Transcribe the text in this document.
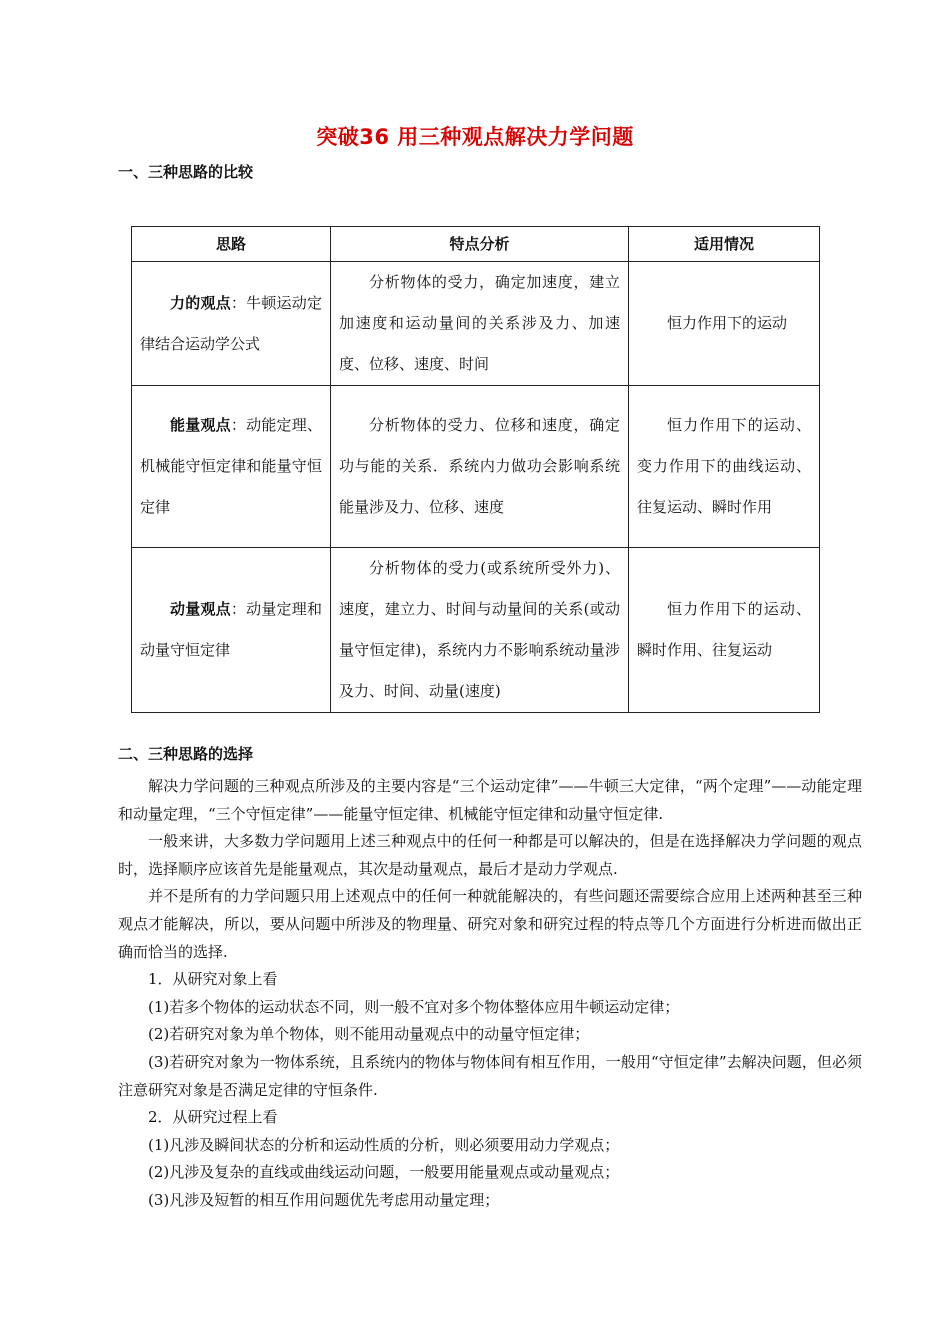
突破36 用三种观点解决力学问题
一、三种思路的比较
思路	特点分析	适用情况

力的观点：牛顿运动定律结合运动学公式	分析物体的受力，确定加速度，建立加速度和运动量间的关系涉及力、加速度、位移、速度、时间	恒力作用下的运动

能量观点：动能定理、机械能守恒定律和能量守恒定律	分析物体的受力、位移和速度，确定功与能的关系．系统内力做功会影响系统能量涉及力、位移、速度	恒力作用下的运动、变力作用下的曲线运动、往复运动、瞬时作用

动量观点：动量定理和动量守恒定律	分析物体的受力(或系统所受外力)、速度，建立力、时间与动量间的关系(或动量守恒定律)，系统内力不影响系统动量涉及力、时间、动量(速度)	恒力作用下的运动、瞬时作用、往复运动
二、三种思路的选择

解决力学问题的三种观点所涉及的主要内容是“三个运动定律”——牛顿三大定律，“两个定理”——动能定理和动量定理，“三个守恒定律”——能量守恒定律、机械能守恒定律和动量守恒定律.

一般来讲，大多数力学问题用上述三种观点中的任何一种都是可以解决的，但是在选择解决力学问题的观点时，选择顺序应该首先是能量观点，其次是动量观点，最后才是动力学观点.

并不是所有的力学问题只用上述观点中的任何一种就能解决的，有些问题还需要综合应用上述两种甚至三种观点才能解决，所以，要从问题中所涉及的物理量、研究对象和研究过程的特点等几个方面进行分析进而做出正确而恰当的选择.

1．从研究对象上看

(1)若多个物体的运动状态不同，则一般不宜对多个物体整体应用牛顿运动定律；

(2)若研究对象为单个物体，则不能用动量观点中的动量守恒定律；

(3)若研究对象为一物体系统，且系统内的物体与物体间有相互作用，一般用“守恒定律”去解决问题，但必须注意研究对象是否满足定律的守恒条件.

2．从研究过程上看

(1)凡涉及瞬间状态的分析和运动性质的分析，则必须要用动力学观点；

(2)凡涉及复杂的直线或曲线运动问题，一般要用能量观点或动量观点；

(3)凡涉及短暂的相互作用问题优先考虑用动量定理；
